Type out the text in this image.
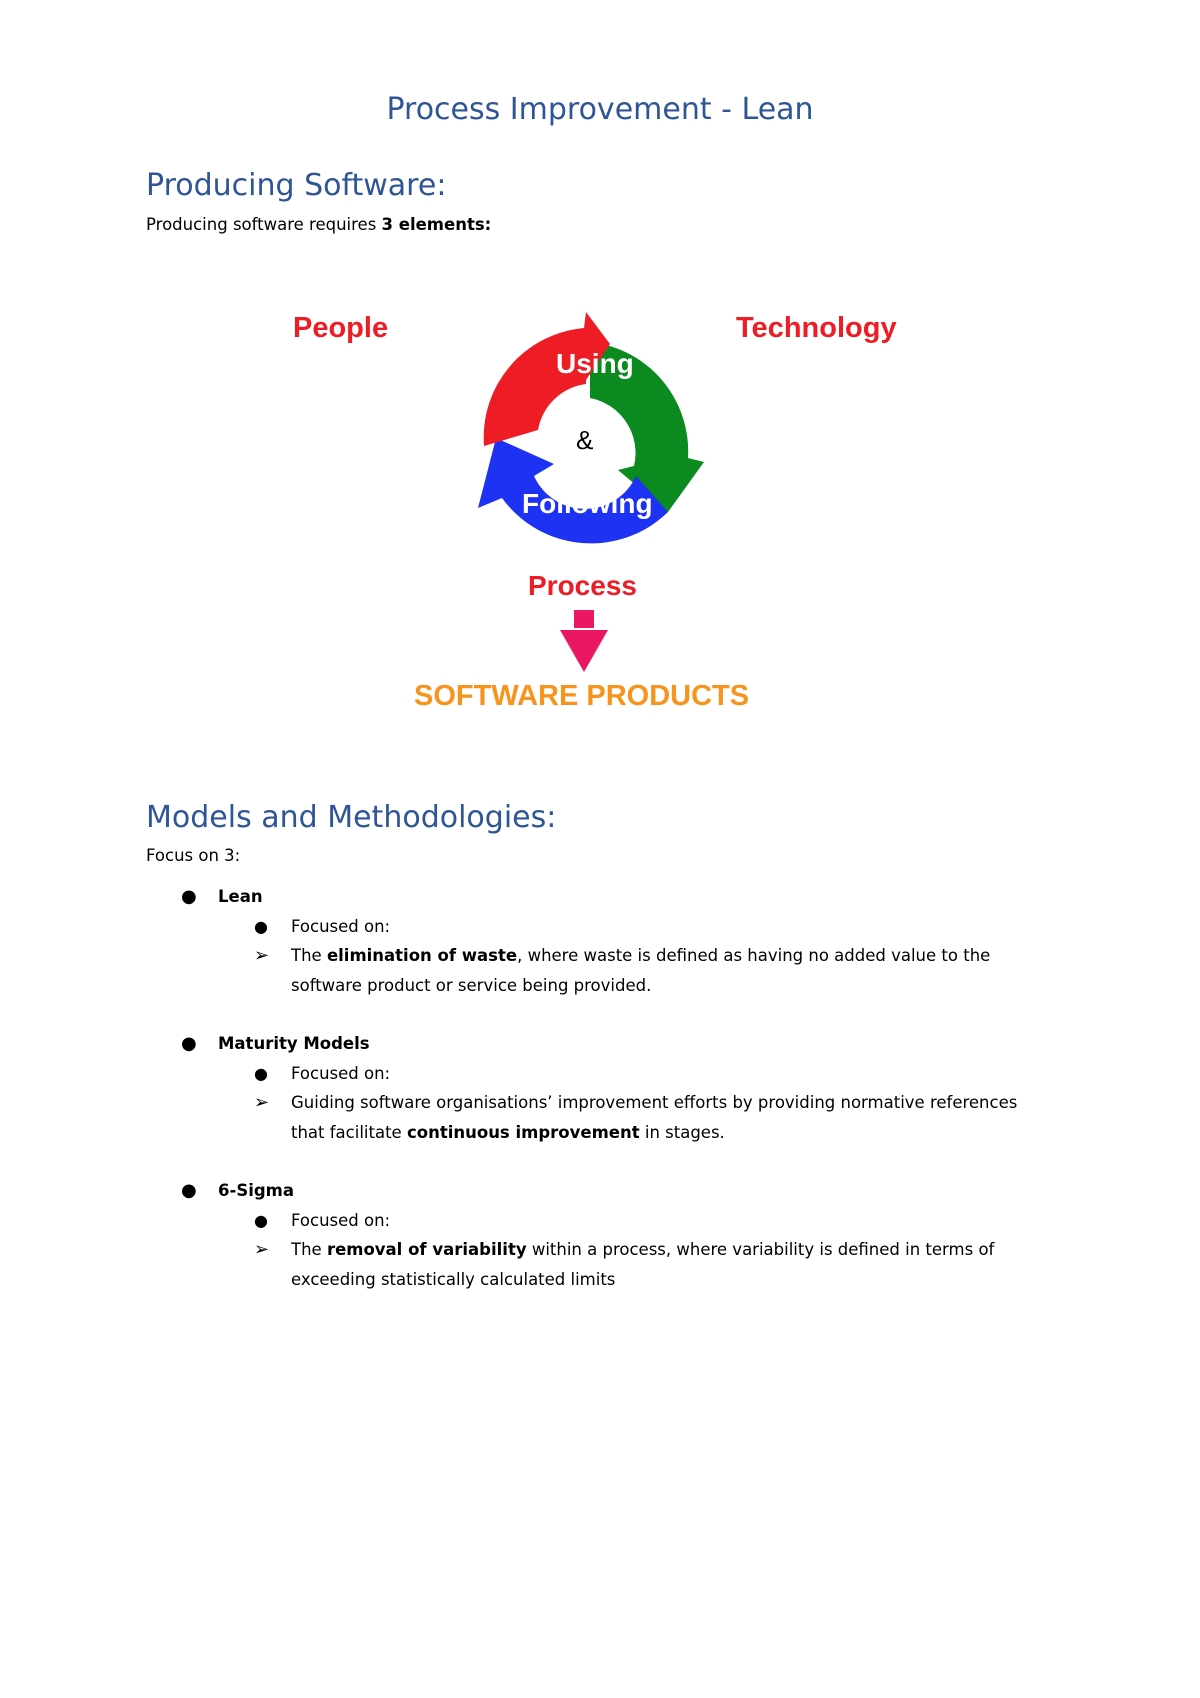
Process Improvement - Lean
Producing Software:

Producing software requires 3 elements:

People	Technology

Using

&

Following

Process

SOFTWARE PRODUCTS

Models and Methodologies:

Focus on 3:

● Lean
● Focused on:
➢ The elimination of waste, where waste is defined as having no added value to the software product or service being provided.
● Maturity Models
● Focused on:
➢ Guiding software organisations’ improvement efforts by providing normative references that facilitate continuous improvement in stages.
● 6-Sigma
● Focused on:
➢ The removal of variability within a process, where variability is defined in terms of exceeding statistically calculated limits
